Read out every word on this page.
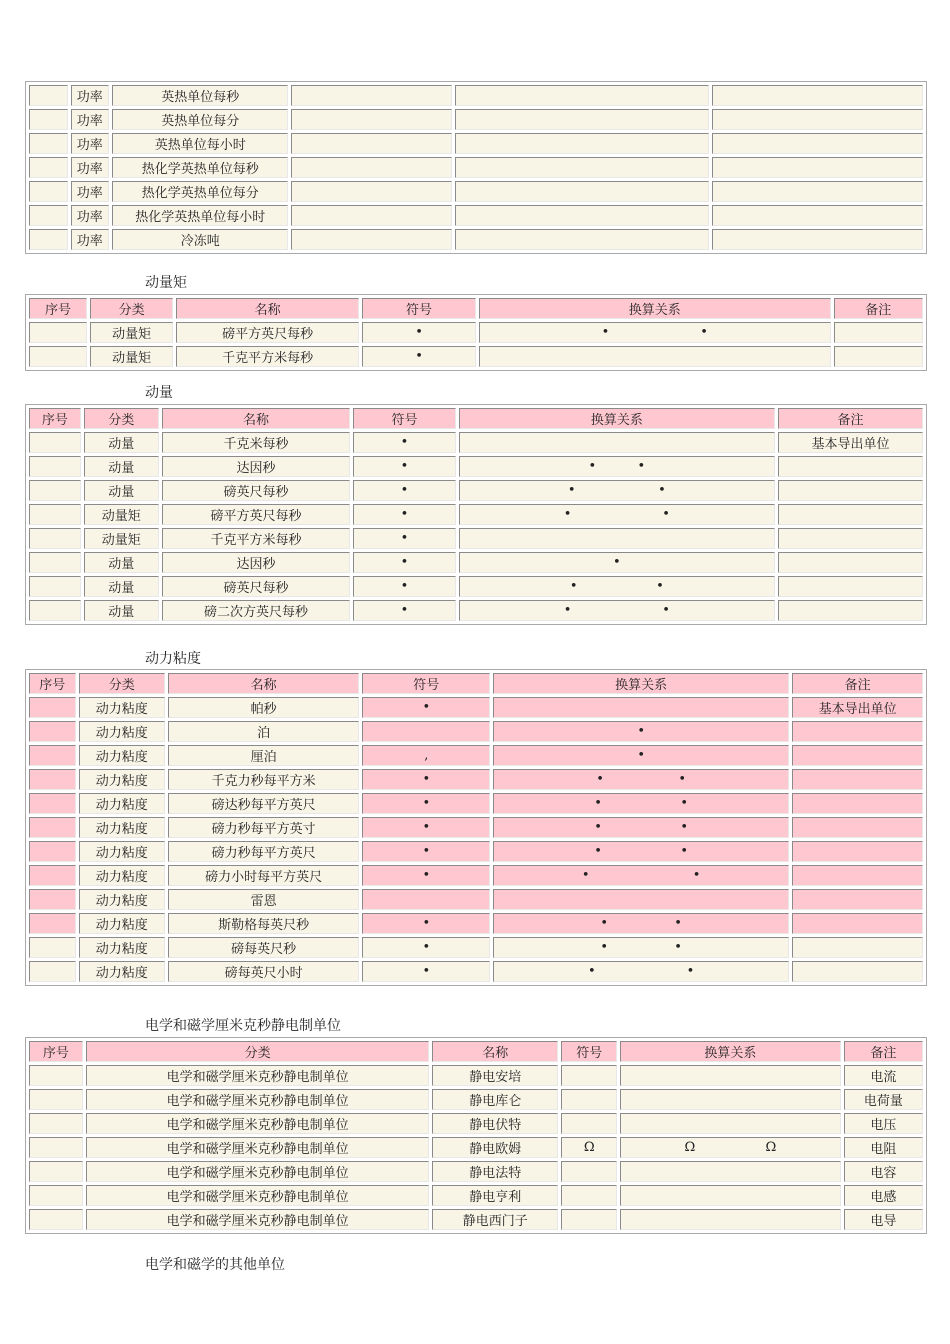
	功率	英热单位每秒			
	功率	英热单位每分			
	功率	英热单位每小时			
	功率	热化学英热单位每秒			
	功率	热化学英热单位每分			
	功率	热化学英热单位每小时			
	功率	冷冻吨			
动量矩
序号	分类	名称	符号	换算关系	备注
	动量矩	磅平方英尺每秒	•	•                      •	
	动量矩	千克平方米每秒	•		
动量
序号	分类	名称	符号	换算关系	备注
	动量	千克米每秒	•		基本导出单位
	动量	达因秒	•	•          •	
	动量	磅英尺每秒	•	•                    •	
	动量矩	磅平方英尺每秒	•	•                      •	
	动量矩	千克平方米每秒	•		
	动量	达因秒	•	•	
	动量	磅英尺每秒	•	•                   •	
	动量	磅二次方英尺每秒	•	•                      •	
动力粘度
序号	分类	名称	符号	换算关系	备注
	动力粘度	帕秒	•		基本导出单位
	动力粘度	泊		•	
	动力粘度	厘泊	,	•	
	动力粘度	千克力秒每平方米	•	•                  •	
	动力粘度	磅达秒每平方英尺	•	•                   •	
	动力粘度	磅力秒每平方英寸	•	•                   •	
	动力粘度	磅力秒每平方英尺	•	•                   •	
	动力粘度	磅力小时每平方英尺	•	•                         •	
	动力粘度	雷恩			
	动力粘度	斯勒格每英尺秒	•	•                •	
	动力粘度	磅每英尺秒	•	•                •	
	动力粘度	磅每英尺小时	•	•                      •	
电学和磁学厘米克秒静电制单位
序号	分类	名称	符号	换算关系	备注
	电学和磁学厘米克秒静电制单位	静电安培			电流
	电学和磁学厘米克秒静电制单位	静电库仑			电荷量
	电学和磁学厘米克秒静电制单位	静电伏特			电压
	电学和磁学厘米克秒静电制单位	静电欧姆	Ω	Ω                 Ω	电阻
	电学和磁学厘米克秒静电制单位	静电法特			电容
	电学和磁学厘米克秒静电制单位	静电亨利			电感
	电学和磁学厘米克秒静电制单位	静电西门子			电导
电学和磁学的其他单位
